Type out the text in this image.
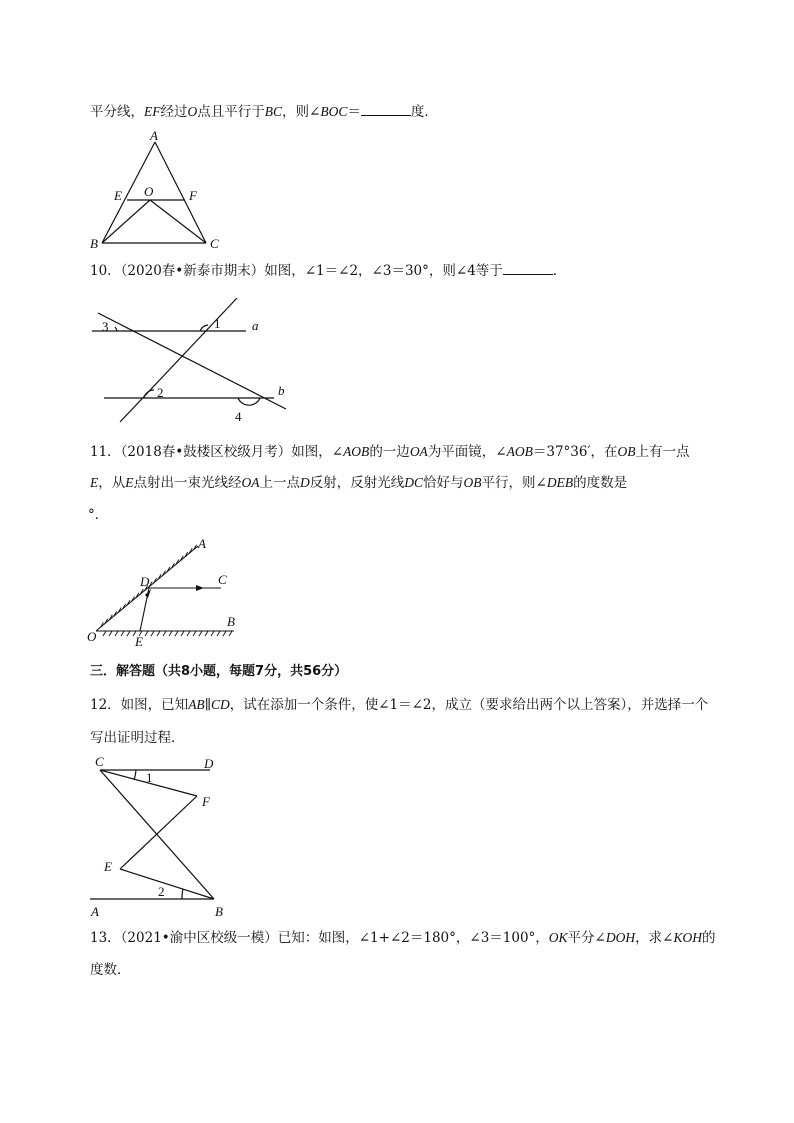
平分线，EF经过O点且平行于BC，则∠BOC＝	度．
A
E O	F
B	C
10．（2020春•新泰市期末）如图，∠1＝∠2，∠3＝30°，则∠4等于	．
3	1 a
2	b
4
11．（2018春•鼓楼区校级月考）如图，∠AOB的一边OA为平面镜，∠AOB＝37°36′，在OB上有一点
E，从E点射出一束光线经OA上一点D反射，反射光线DC恰好与OB平行，则∠DEB的度数是
°．
A
D	C
B
O	E
三．解答题（共8小题，每题7分，共56分）
12．如图，已知AB∥CD，试在添加一个条件，使∠1＝∠2，成立（要求给出两个以上答案），并选择一个
写出证明过程．
C	D
1
F
E
2
A	B
13．（2021•渝中区校级一模）已知：如图，∠1+∠2＝180°，∠3＝100°，OK平分∠DOH，求∠KOH的
度数．
